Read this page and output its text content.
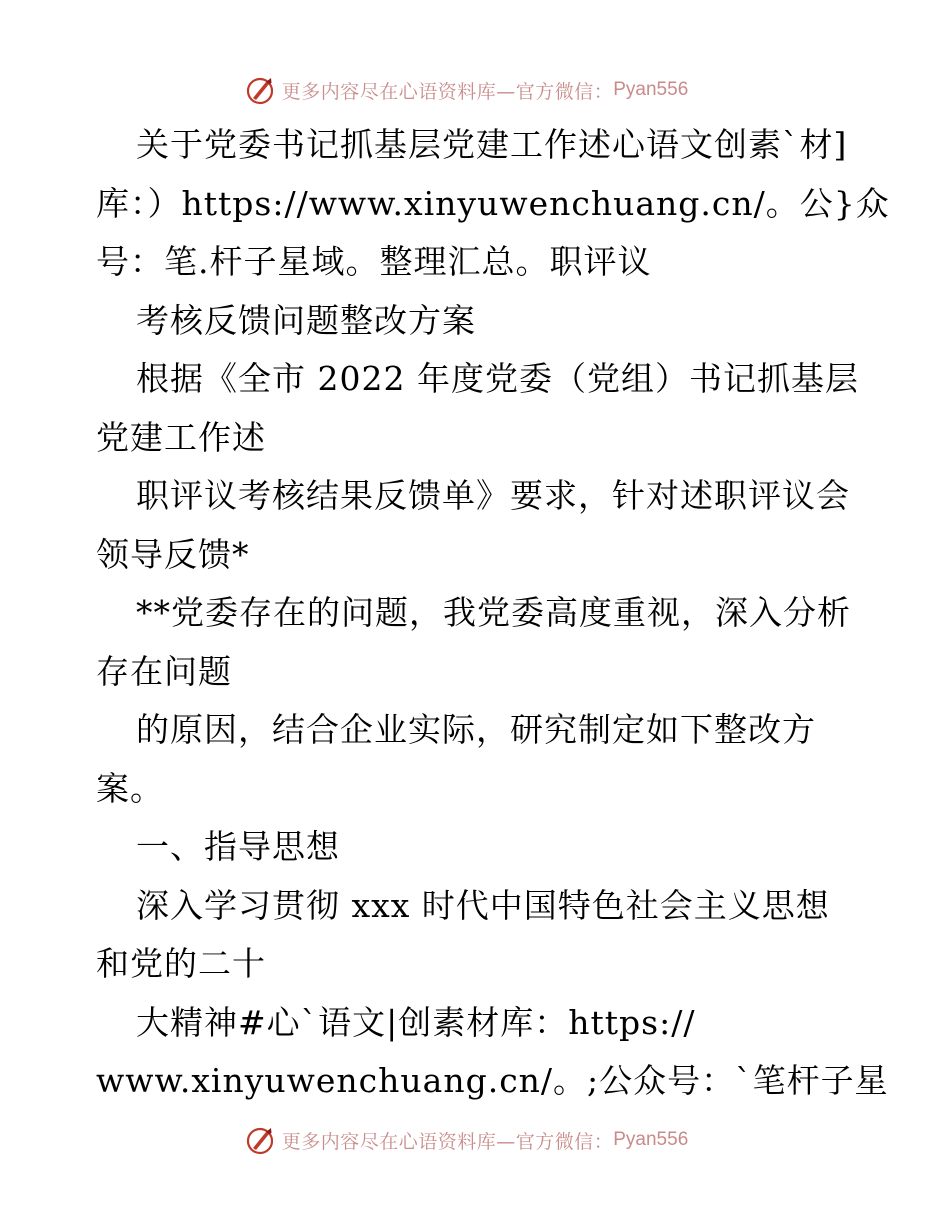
更多内容尽在心语资料库—官方微信： Pyan556
关于党委书记抓基层党建工作述心语文创素`材]
库：）https://www.xinyuwenchuang.cn/。公}众
号：笔.杆子星域。整理汇总。职评议
考核反馈问题整改方案
根据《全市 2022 年度党委（党组）书记抓基层
党建工作述
职评议考核结果反馈单》要求，针对述职评议会
领导反馈*
**党委存在的问题，我党委高度重视，深入分析
存在问题
的原因，结合企业实际，研究制定如下整改方
案。
一、指导思想
深入学习贯彻 xxx 时代中国特色社会主义思想
和党的二十
大精神#心`语文|创素材库：https://
www.xinyuwenchuang.cn/。;公众号：`笔杆子星
更多内容尽在心语资料库—官方微信： Pyan556
